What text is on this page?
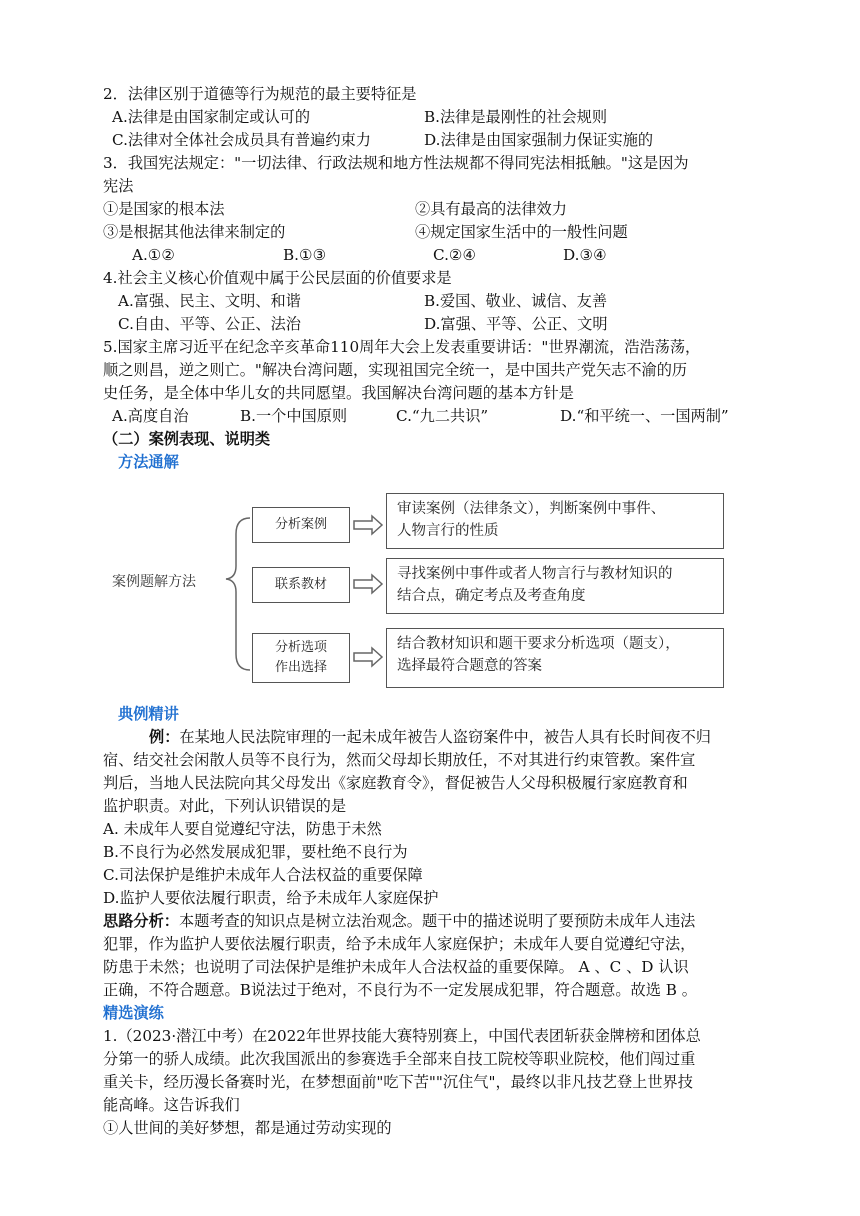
2．法律区别于道德等行为规范的最主要特征是
A.法律是由国家制定或认可的	B.法律是最刚性的社会规则
C.法律对全体社会成员具有普遍约束力	D.法律是由国家强制力保证实施的
3．我国宪法规定："一切法律、行政法规和地方性法规都不得同宪法相抵触。"这是因为
宪法
①是国家的根本法	②具有最高的法律效力
③是根据其他法律来制定的	④规定国家生活中的一般性问题
A.①②	B.①③	C.②④	D.③④
4.社会主义核心价值观中属于公民层面的价值要求是
A.富强、民主、文明、和谐	B.爱国、敬业、诚信、友善
C.自由、平等、公正、法治	D.富强、平等、公正、文明
5.国家主席习近平在纪念辛亥革命110周年大会上发表重要讲话："世界潮流，浩浩荡荡，
顺之则昌，逆之则亡。"解决台湾问题，实现祖国完全统一，是中国共产党矢志不渝的历
史任务，是全体中华儿女的共同愿望。我国解决台湾问题的基本方针是
A.高度自治	B.一个中国原则	C.“九二共识”	D.“和平统一、一国两制”
（二）案例表现、说明类
方法通解
案例题解方法
分析案例
联系教材
分析选项
作出选择
审读案例（法律条文），判断案例中事件、
人物言行的性质
寻找案例中事件或者人物言行与教材知识的
结合点，确定考点及考查角度
结合教材知识和题干要求分析选项（题支），
选择最符合题意的答案
典例精讲
例：在某地人民法院审理的一起未成年被告人盗窃案件中，被告人具有长时间夜不归
宿、结交社会闲散人员等不良行为，然而父母却长期放任，不对其进行约束管教。案件宣
判后，当地人民法院向其父母发出《家庭教育令》，督促被告人父母积极履行家庭教育和
监护职责。对此，下列认识错误的是
A. 未成年人要自觉遵纪守法，防患于未然
B.不良行为必然发展成犯罪，要杜绝不良行为
C.司法保护是维护未成年人合法权益的重要保障
D.监护人要依法履行职责，给予未成年人家庭保护
思路分析：本题考查的知识点是树立法治观念。题干中的描述说明了要预防未成年人违法
犯罪，作为监护人要依法履行职责，给予未成年人家庭保护；未成年人要自觉遵纪守法，
防患于未然；也说明了司法保护是维护未成年人合法权益的重要保障。 A 、C 、D 认识
正确，不符合题意。B说法过于绝对，不良行为不一定发展成犯罪，符合题意。故选 B 。
精选演练
1.（2023·潜江中考）在2022年世界技能大赛特别赛上，中国代表团斩获金牌榜和团体总
分第一的骄人成绩。此次我国派出的参赛选手全部来自技工院校等职业院校，他们闯过重
重关卡，经历漫长备赛时光，在梦想面前"吃下苦""沉住气"，最终以非凡技艺登上世界技
能高峰。这告诉我们
①人世间的美好梦想，都是通过劳动实现的
